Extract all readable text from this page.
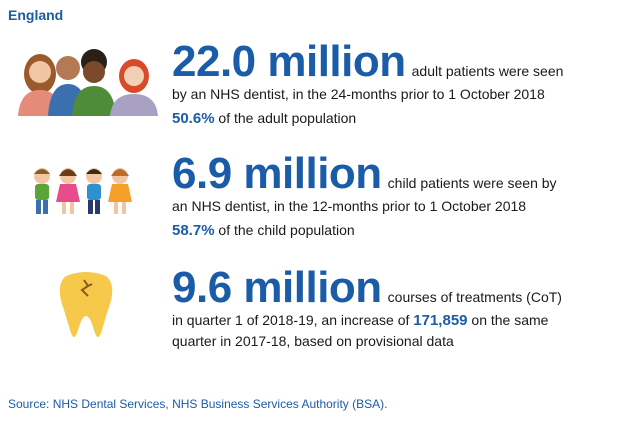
England
22.0 million adult patients were seen
by an NHS dentist, in the 24-months prior to 1 October 2018
50.6% of the adult population
6.9 million child patients were seen by
an NHS dentist, in the 12-months prior to 1 October 2018
58.7% of the child population
9.6 million courses of treatments (CoT)
in quarter 1 of 2018-19, an increase of 171,859 on the same
quarter in 2017-18, based on provisional data
Source: NHS Dental Services, NHS Business Services Authority (BSA).
